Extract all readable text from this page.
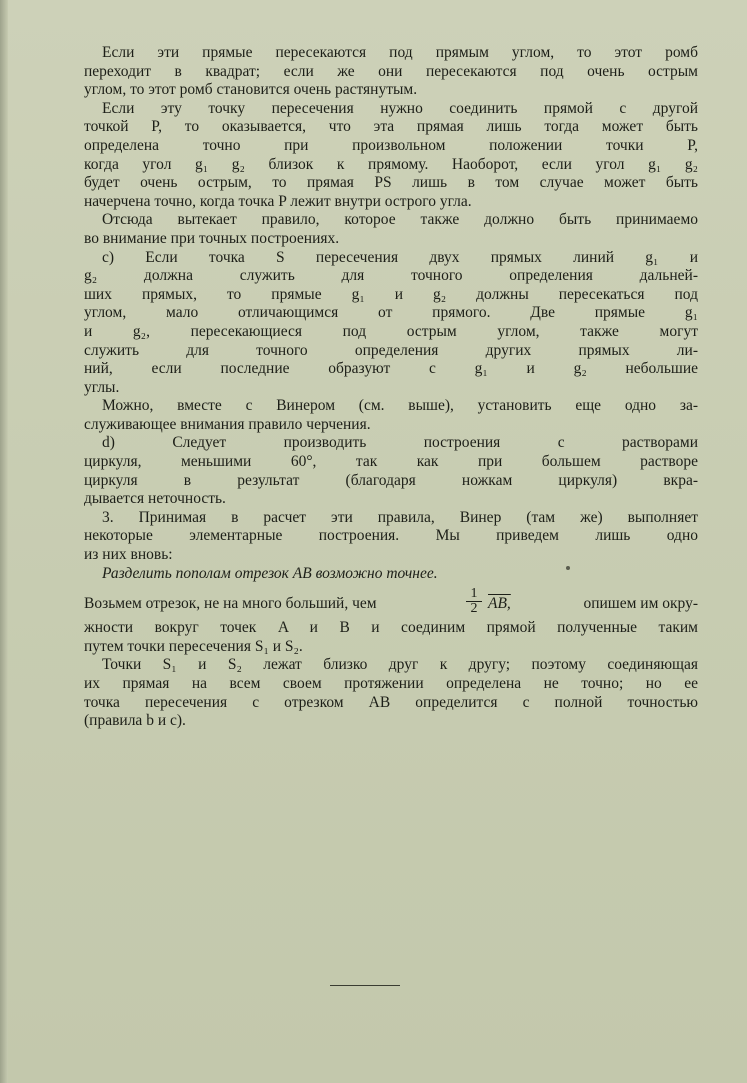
Если эти прямые пересекаются под прямым углом, то этот ромб
переходит в квадрат; если же они пересекаются под очень острым
углом, то этот ромб становится очень растянутым.
Если эту точку пересечения нужно соединить прямой с другой
точкой P, то оказывается, что эта прямая лишь тогда может быть
определена точно при произвольном положении точки P,
когда угол g₁ g₂ близок к прямому. Наоборот, если угол g₁ g₂
будет очень острым, то прямая PS лишь в том случае может быть
начерчена точно, когда точка P лежит внутри острого угла.
Отсюда вытекает правило, которое также должно быть принимаемо
во внимание при точных построениях.
c) Если точка S пересечения двух прямых линий g₁ и
g₂ должна служить для точного определения дальней-
ших прямых, то прямые g₁ и g₂ должны пересекаться под
углом, мало отличающимся от прямого. Две прямые g₁
и g₂, пересекающиеся под острым углом, также могут
служить для точного определения других прямых ли-
ний, если последние образуют с g₁ и g₂ небольшие
углы.
Можно, вместе с Винером (см. выше), установить еще одно за-
служивающее внимания правило черчения.
d) Следует производить построения с растворами
циркуля, меньшими 60°, так как при большем растворе
циркуля в результат (благодаря ножкам циркуля) вкра-
дывается неточность.
3. Принимая в расчет эти правила, Винер (там же) выполняет
некоторые элементарные построения. Мы приведем лишь одно
из них вновь:
Разделить пополам отрезок AB возможно точнее.
Возьмем отрезок, не на много больший, чем	$\frac{1}{2}$ AB,	опишем им окру-
жности вокруг точек A и B и соединим прямой полученные таким
путем точки пересечения S₁ и S₂.
Точки S₁ и S₂ лежат близко друг к другу; поэтому соединяющая
их прямая на всем своем протяжении определена не точно; но ее
точка пересечения с отрезком AB определится с полной точностью
(правила b и c).
